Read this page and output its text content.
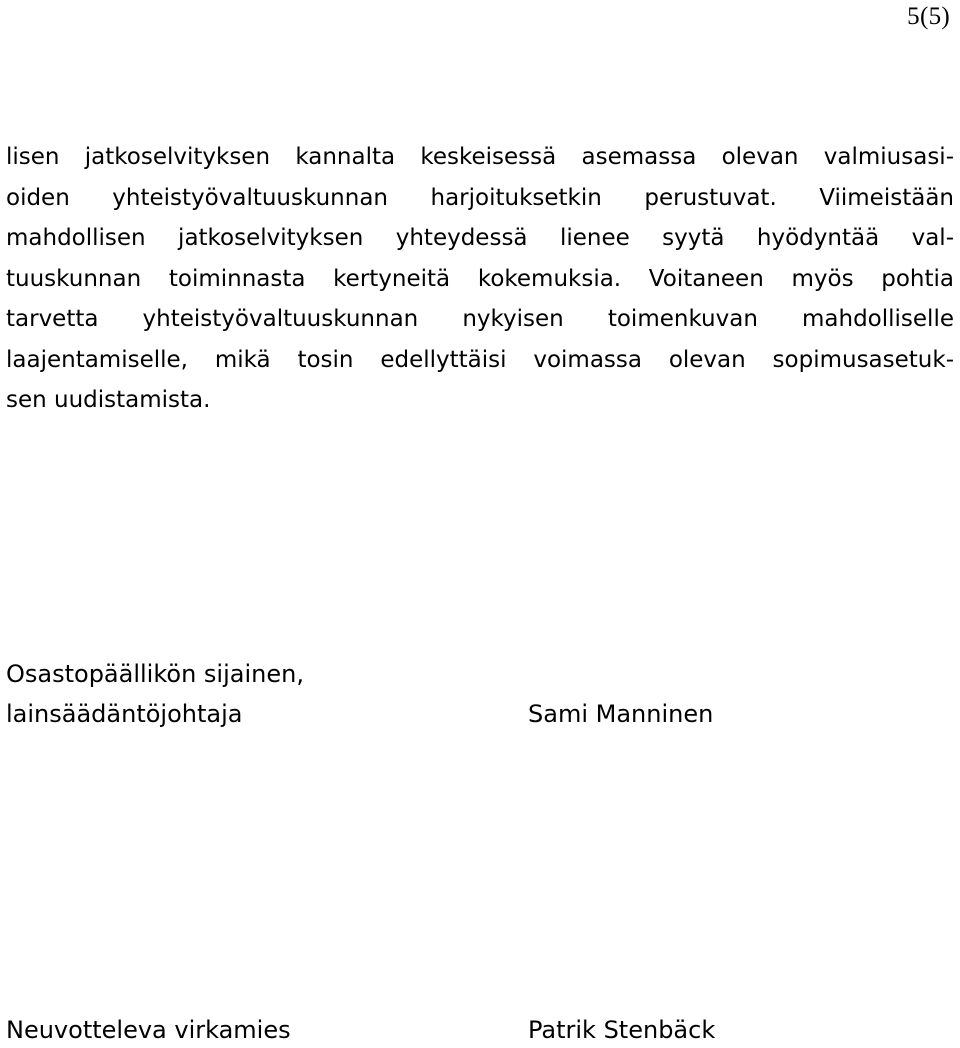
5(5)
lisen jatkoselvityksen kannalta keskeisessä asemassa olevan valmiusasi-
oiden yhteistyövaltuuskunnan harjoituksetkin perustuvat. Viimeistään
mahdollisen jatkoselvityksen yhteydessä lienee syytä hyödyntää val-
tuuskunnan toiminnasta kertyneitä kokemuksia. Voitaneen myös pohtia
tarvetta yhteistyövaltuuskunnan nykyisen toimenkuvan mahdolliselle
laajentamiselle, mikä tosin edellyttäisi voimassa olevan sopimusasetuk-
sen uudistamista.
Osastopäällikön sijainen,
lainsäädäntöjohtaja	Sami Manninen
Neuvotteleva virkamies	Patrik Stenbäck
